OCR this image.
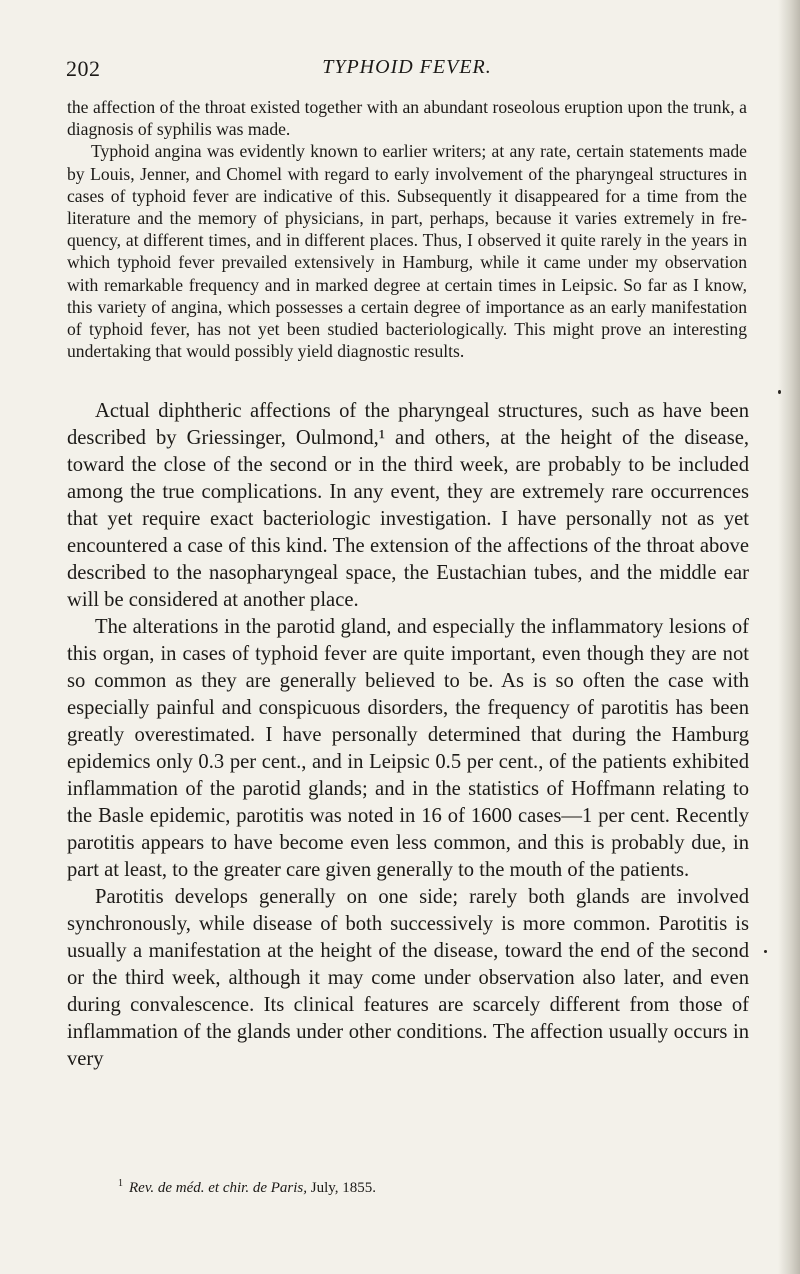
202	TYPHOID FEVER.

the affection of the throat existed together with an abundant roseolous eruption upon the trunk, a diagnosis of syphilis was made.

Typhoid angina was evidently known to earlier writers; at any rate, certain statements made by Louis, Jenner, and Chomel with regard to early involvement of the pharyngeal structures in cases of typhoid fever are indicative of this. Subsequently it disappeared for a time from the literature and the memory of physicians, in part, perhaps, because it varies extremely in frequency, at different times, and in different places. Thus, I observed it quite rarely in the years in which typhoid fever prevailed extensively in Hamburg, while it came under my observation with remarkable frequency and in marked degree at certain times in Leipsic. So far as I know, this variety of angina, which possesses a certain degree of importance as an early manifestation of typhoid fever, has not yet been studied bacteriologically. This might prove an interesting undertaking that would possibly yield diagnostic results.

Actual diphtheric affections of the pharyngeal structures, such as have been described by Griessinger, Oulmond,¹ and others, at the height of the disease, toward the close of the second or in the third week, are probably to be included among the true complications. In any event, they are extremely rare occurrences that yet require exact bacteriologic investigation. I have personally not as yet encountered a case of this kind. The extension of the affections of the throat above described to the nasopharyngeal space, the Eustachian tubes, and the middle ear will be considered at another place.

The alterations in the parotid gland, and especially the inflammatory lesions of this organ, in cases of typhoid fever are quite important, even though they are not so common as they are generally believed to be. As is so often the case with especially painful and conspicuous disorders, the frequency of parotitis has been greatly overestimated. I have personally determined that during the Hamburg epidemics only 0.3 per cent., and in Leipsic 0.5 per cent., of the patients exhibited inflammation of the parotid glands; and in the statistics of Hoffmann relating to the Basle epidemic, parotitis was noted in 16 of 1600 cases—1 per cent. Recently parotitis appears to have become even less common, and this is probably due, in part at least, to the greater care given generally to the mouth of the patients.

Parotitis develops generally on one side; rarely both glands are involved synchronously, while disease of both successively is more common. Parotitis is usually a manifestation at the height of the disease, toward the end of the second or the third week, although it may come under observation also later, and even during convalescence. Its clinical features are scarcely different from those of inflammation of the glands under other conditions. The affection usually occurs in very

$^1$ Rev. de méd. et chir. de Paris, July, 1855.
